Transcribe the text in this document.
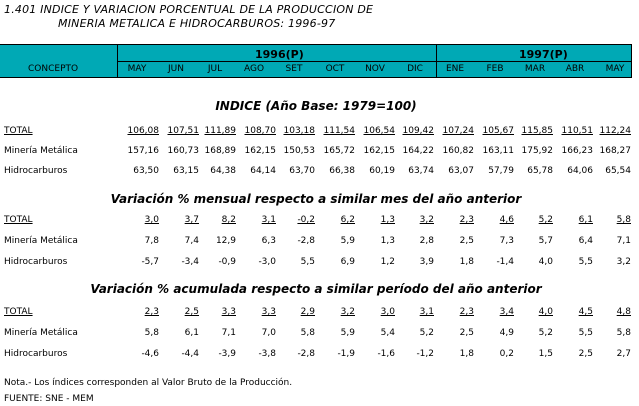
1.401 INDICE Y VARIACION PORCENTUAL DE LA PRODUCCION DE
MINERIA METALICA E HIDROCARBUROS: 1996-97
CONCEPTO
1996(P)	1997(P)
MAY	JUN	JUL	AGO	SET	OCT	NOV	DIC	ENE	FEB	MAR	ABR	MAY
INDICE (Año Base: 1979=100)
TOTAL	106,08 107,51 111,89 108,70 103,18 111,54 106,54 109,42 107,24 105,67 115,85 110,51 112,24
Minería Metálica	157,16 160,73 168,89 162,15 150,53 165,72 162,15 164,22 160,82 163,11 175,92 166,23 168,27
Hidrocarburos	63,50	63,15	64,38	64,14	63,70	66,38	60,19	63,74	63,07	57,79	65,78	64,06	65,54
Variación % mensual respecto a similar mes del año anterior
TOTAL	3,0	3,7	8,2	3,1	-0,2	6,2	1,3	3,2	2,3	4,6	5,2	6,1	5,8
Minería Metálica	7,8	7,4	12,9	6,3	-2,8	5,9	1,3	2,8	2,5	7,3	5,7	6,4	7,1
Hidrocarburos	-5,7	-3,4	-0,9	-3,0	5,5	6,9	1,2	3,9	1,8	-1,4	4,0	5,5	3,2
Variación % acumulada respecto a similar período del año anterior
TOTAL	2,3	2,5	3,3	3,3	2,9	3,2	3,0	3,1	2,3	3,4	4,0	4,5	4,8
Minería Metálica	5,8	6,1	7,1	7,0	5,8	5,9	5,4	5,2	2,5	4,9	5,2	5,5	5,8
Hidrocarburos	-4,6	-4,4	-3,9	-3,8	-2,8	-1,9	-1,6	-1,2	1,8	0,2	1,5	2,5	2,7
Nota.- Los índices corresponden al Valor Bruto de la Producción.
FUENTE: SNE - MEM
